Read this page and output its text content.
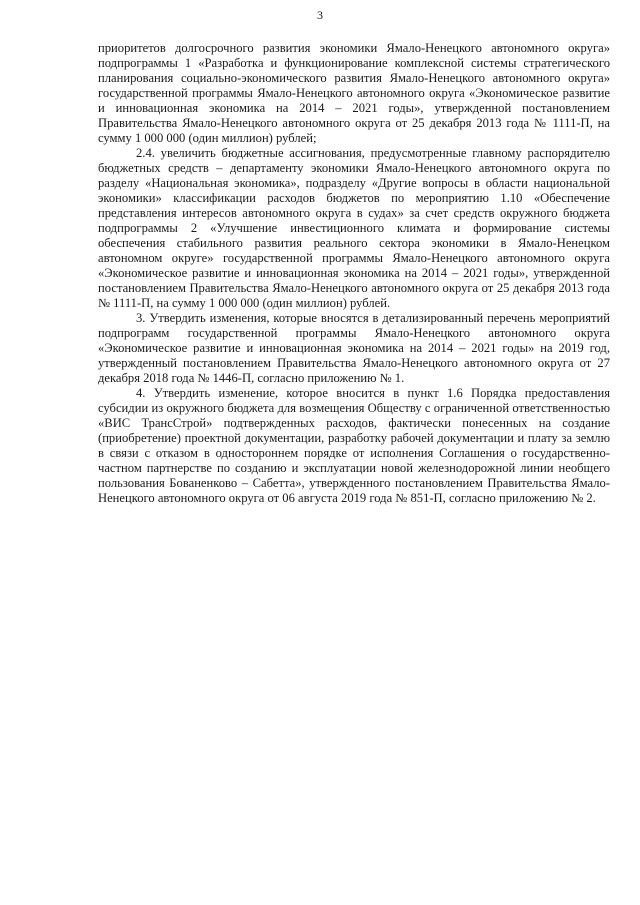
3

приоритетов долгосрочного развития экономики Ямало-Ненецкого автономного округа» подпрограммы 1 «Разработка и функционирование комплексной системы стратегического планирования социально-экономического развития Ямало-Ненецкого автономного округа» государственной программы Ямало-Ненецкого автономного округа «Экономическое развитие и инновационная экономика на 2014 – 2021 годы», утвержденной постановлением Правительства Ямало-Ненецкого автономного округа от 25 декабря 2013 года № 1111-П, на сумму 1 000 000 (один миллион) рублей;

2.4. увеличить бюджетные ассигнования, предусмотренные главному распорядителю бюджетных средств – департаменту экономики Ямало-Ненецкого автономного округа по разделу «Национальная экономика», подразделу «Другие вопросы в области национальной экономики» классификации расходов бюджетов по мероприятию 1.10 «Обеспечение представления интересов автономного округа в судах» за счет средств окружного бюджета подпрограммы 2 «Улучшение инвестиционного климата и формирование системы обеспечения стабильного развития реального сектора экономики в Ямало-Ненецком автономном округе» государственной программы Ямало-Ненецкого автономного округа «Экономическое развитие и инновационная экономика на 2014 – 2021 годы», утвержденной постановлением Правительства Ямало-Ненецкого автономного округа от 25 декабря 2013 года № 1111-П, на сумму 1 000 000 (один миллион) рублей.

3. Утвердить изменения, которые вносятся в детализированный перечень мероприятий подпрограмм государственной программы Ямало-Ненецкого автономного округа «Экономическое развитие и инновационная экономика на 2014 – 2021 годы» на 2019 год, утвержденный постановлением Правительства Ямало-Ненецкого автономного округа от 27 декабря 2018 года № 1446-П, согласно приложению № 1.

4. Утвердить изменение, которое вносится в пункт 1.6 Порядка предоставления субсидии из окружного бюджета для возмещения Обществу с ограниченной ответственностью «ВИС ТрансСтрой» подтвержденных расходов, фактически понесенных на создание (приобретение) проектной документации, разработку рабочей документации и плату за землю в связи с отказом в одностороннем порядке от исполнения Соглашения о государственно-частном партнерстве по созданию и эксплуатации новой железнодорожной линии необщего пользования Бованенково – Сабетта», утвержденного постановлением Правительства Ямало-Ненецкого автономного округа от 06 августа 2019 года № 851-П, согласно приложению № 2.
